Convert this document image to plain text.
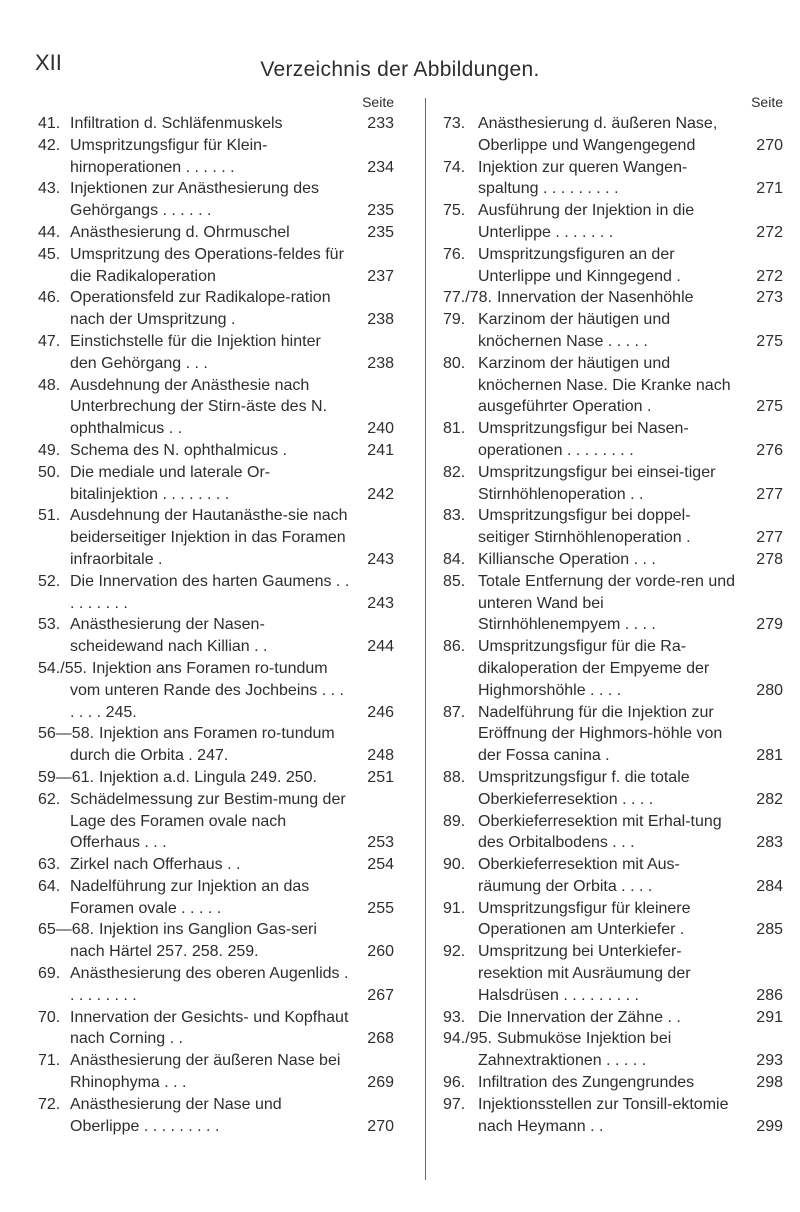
XII	Verzeichnis der Abbildungen.
Seite
41. Infiltration d. Schläfenmuskels	233
42. Umspritzungsfigur für Klein-hirnoperationen . . . . . .	234
43. Injektionen zur Anästhesierung des Gehörgangs . . . . . .	235
44. Anästhesierung d. Ohrmuschel	235
45. Umspritzung des Operations-feldes für die Radikaloperation	237
46. Operationsfeld zur Radikalope-ration nach der Umspritzung .	238
47. Einstichstelle für die Injektion hinter den Gehörgang . . .	238
48. Ausdehnung der Anästhesie nach Unterbrechung der Stirn-äste des N. ophthalmicus . .	240
49. Schema des N. ophthalmicus .	241
50. Die mediale und laterale Or-bitalinjektion . . . . . . . .	242
51. Ausdehnung der Hautanästhe-sie nach beiderseitiger Injektion in das Foramen infraorbitale .	243
52. Die Innervation des harten Gaumens . . . . . . . . .	243
53. Anästhesierung der Nasen-scheidewand nach Killian . .	244
54./55. Injektion ans Foramen ro-tundum vom unteren Rande des Jochbeins . . . . . . . 245.	246
56—58. Injektion ans Foramen ro-tundum durch die Orbita . 247.	248
59—61. Injektion a.d. Lingula 249. 250.	251
62. Schädelmessung zur Bestim-mung der Lage des Foramen ovale nach Offerhaus . . .	253
63. Zirkel nach Offerhaus . .	254
64. Nadelführung zur Injektion an das Foramen ovale . . . . .	255
65—68. Injektion ins Ganglion Gas-seri nach Härtel 257. 258. 259.	260
69. Anästhesierung des oberen Augenlids . . . . . . . . .	267
70. Innervation der Gesichts- und Kopfhaut nach Corning . .	268
71. Anästhesierung der äußeren Nase bei Rhinophyma . . .	269
72. Anästhesierung der Nase und Oberlippe . . . . . . . . .	270
Seite
73. Anästhesierung d. äußeren Nase, Oberlippe und Wangengegend	270
74. Injektion zur queren Wangen-spaltung . . . . . . . . .	271
75. Ausführung der Injektion in die Unterlippe . . . . . . .	272
76. Umspritzungsfiguren an der Unterlippe und Kinngegend .	272
77./78. Innervation der Nasenhöhle	273
79. Karzinom der häutigen und knöchernen Nase . . . . .	275
80. Karzinom der häutigen und knöchernen Nase. Die Kranke nach ausgeführter Operation .	275
81. Umspritzungsfigur bei Nasen-operationen . . . . . . . .	276
82. Umspritzungsfigur bei einsei-tiger Stirnhöhlenoperation . .	277
83. Umspritzungsfigur bei doppel-seitiger Stirnhöhlenoperation .	277
84. Killiansche Operation . . .	278
85. Totale Entfernung der vorde-ren und unteren Wand bei Stirnhöhlenempyem . . . .	279
86. Umspritzungsfigur für die Ra-dikaloperation der Empyeme der Highmorshöhle . . . .	280
87. Nadelführung für die Injektion zur Eröffnung der Highmors-höhle von der Fossa canina .	281
88. Umspritzungsfigur f. die totale Oberkieferresektion . . . .	282
89. Oberkieferresektion mit Erhal-tung des Orbitalbodens . . .	283
90. Oberkieferresektion mit Aus-räumung der Orbita . . . .	284
91. Umspritzungsfigur für kleinere Operationen am Unterkiefer .	285
92. Umspritzung bei Unterkiefer-resektion mit Ausräumung der Halsdrüsen . . . . . . . . .	286
93. Die Innervation der Zähne . .	291
94./95. Submuköse Injektion bei Zahnextraktionen . . . . .	293
96. Infiltration des Zungengrundes	298
97. Injektionsstellen zur Tonsill-ektomie nach Heymann . .	299
